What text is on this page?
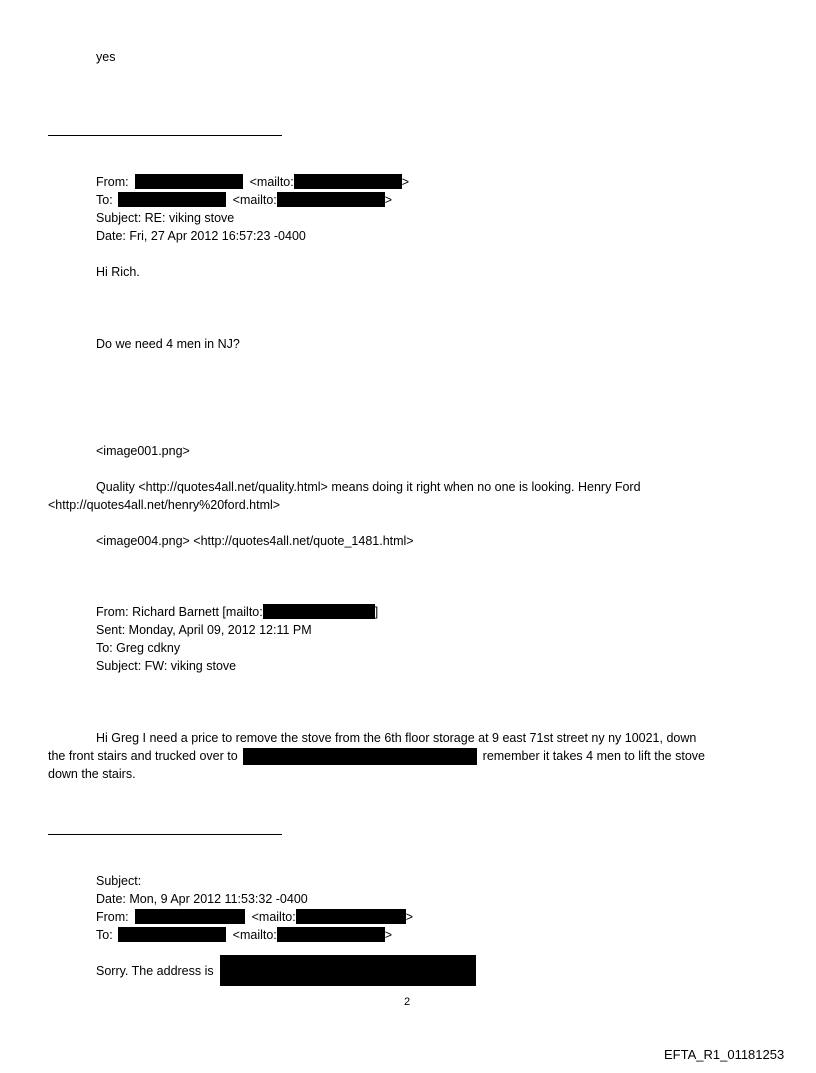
yes
From:	<mailto:	>
To:	<mailto:	>
Subject: RE: viking stove
Date: Fri, 27 Apr 2012 16:57:23 -0400
Hi Rich.
Do we need 4 men in NJ?
<image001.png>
Quality <http://quotes4all.net/quality.html> means doing it right when no one is looking. Henry Ford
<http://quotes4all.net/henry%20ford.html>
<image004.png> <http://quotes4all.net/quote_1481.html>
From: Richard Barnett [mailto:	]
Sent: Monday, April 09, 2012 12:11 PM
To: Greg cdkny
Subject: FW: viking stove
Hi Greg I need a price to remove the stove from the 6th floor storage at 9 east 71st street ny ny 10021, down
the front stairs and trucked over to	remember it takes 4 men to lift the stove
down the stairs.
Subject:
Date: Mon, 9 Apr 2012 11:53:32 -0400
From:	<mailto:	>
To:	<mailto:	>
Sorry. The address is
2
EFTA_R1_01181253
